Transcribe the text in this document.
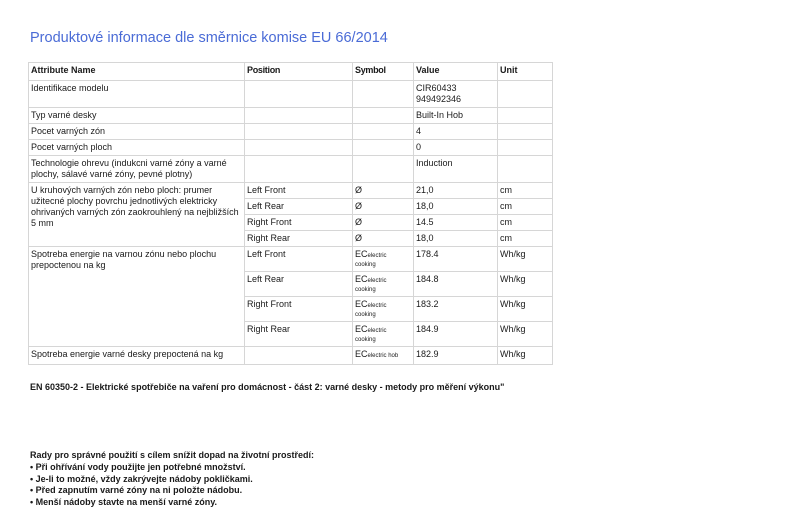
Produktové informace dle směrnice komise EU 66/2014
Attribute Name	Position	Symbol	Value	Unit
Identifikace modelu			CIR60433
949492346	
Typ varné desky			Built-In Hob	
Pocet varných zón			4	
Pocet varných ploch			0	
Technologie ohrevu (indukcni varné zóny a varné plochy, sálavé varné zóny, pevné plotny)			Induction	
U kruhových varných zón nebo ploch: prumer užitecné plochy povrchu jednotlivých elektricky ohrivaných varných zón zaokrouhlený na nejbližších 5 mm	Left Front	Ø	21,0	cm
	Left Rear	Ø	18,0	cm
	Right Front	Ø	14.5	cm
	Right Rear	Ø	18,0	cm
Spotreba energie na varnou zónu nebo plochu prepoctenou na kg	Left Front	ECelectric
cooking	178.4	Wh/kg
	Left Rear	ECelectric
cooking	184.8	Wh/kg
	Right Front	ECelectric
cooking	183.2	Wh/kg
	Right Rear	ECelectric
cooking	184.9	Wh/kg
Spotreba energie varné desky prepoctená na kg		ECelectric hob	182.9	Wh/kg
EN 60350-2 - Elektrické spotřebiče na vaření pro domácnost - část 2: varné desky - metody pro měření výkonu"
Rady pro správné použití s cílem snížit dopad na životní prostředí:
• Při ohřívání vody použijte jen potřebné množství.
• Je-li to možné, vždy zakrývejte nádoby pokličkami.
• Před zapnutím varné zóny na ni položte nádobu.
• Menší nádoby stavte na menší varné zóny.
